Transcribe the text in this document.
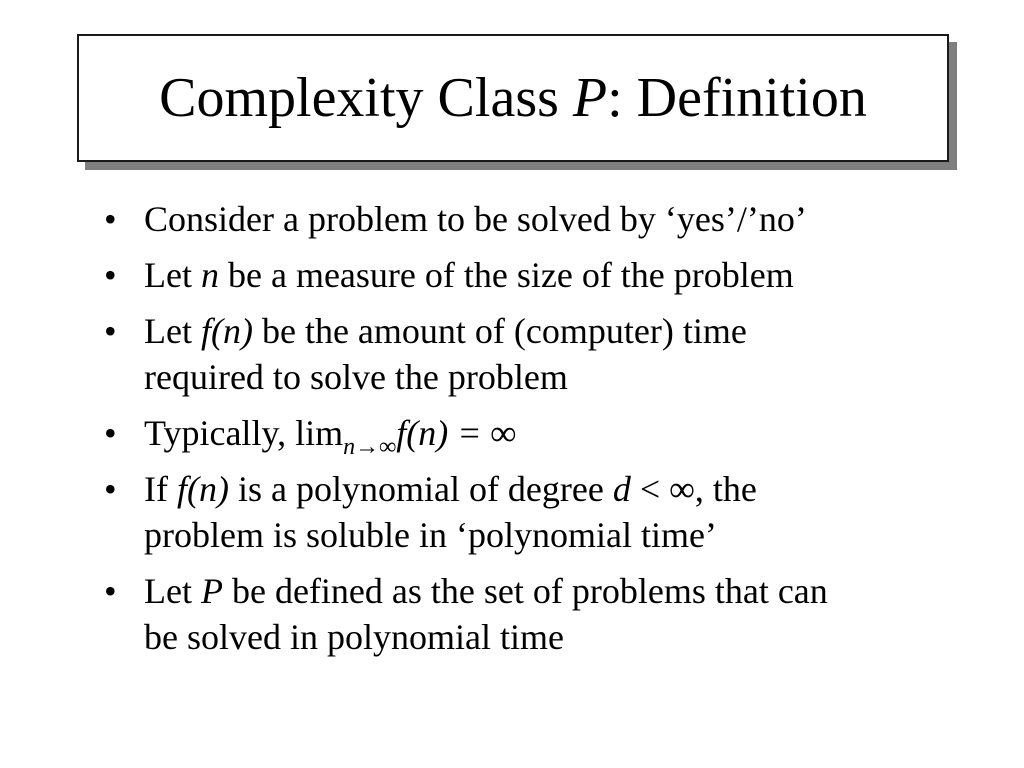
Complexity Class P: Definition
• Consider a problem to be solved by ‘yes’/’no’
• Let n be a measure of the size of the problem
• Let f(n) be the amount of (computer) time
required to solve the problem
• Typically, $\lim_{n\to\infty}f(n)$ = ∞
• If f(n) is a polynomial of degree d < ∞, the
problem is soluble in ‘polynomial time’
• Let P be defined as the set of problems that can
be solved in polynomial time
